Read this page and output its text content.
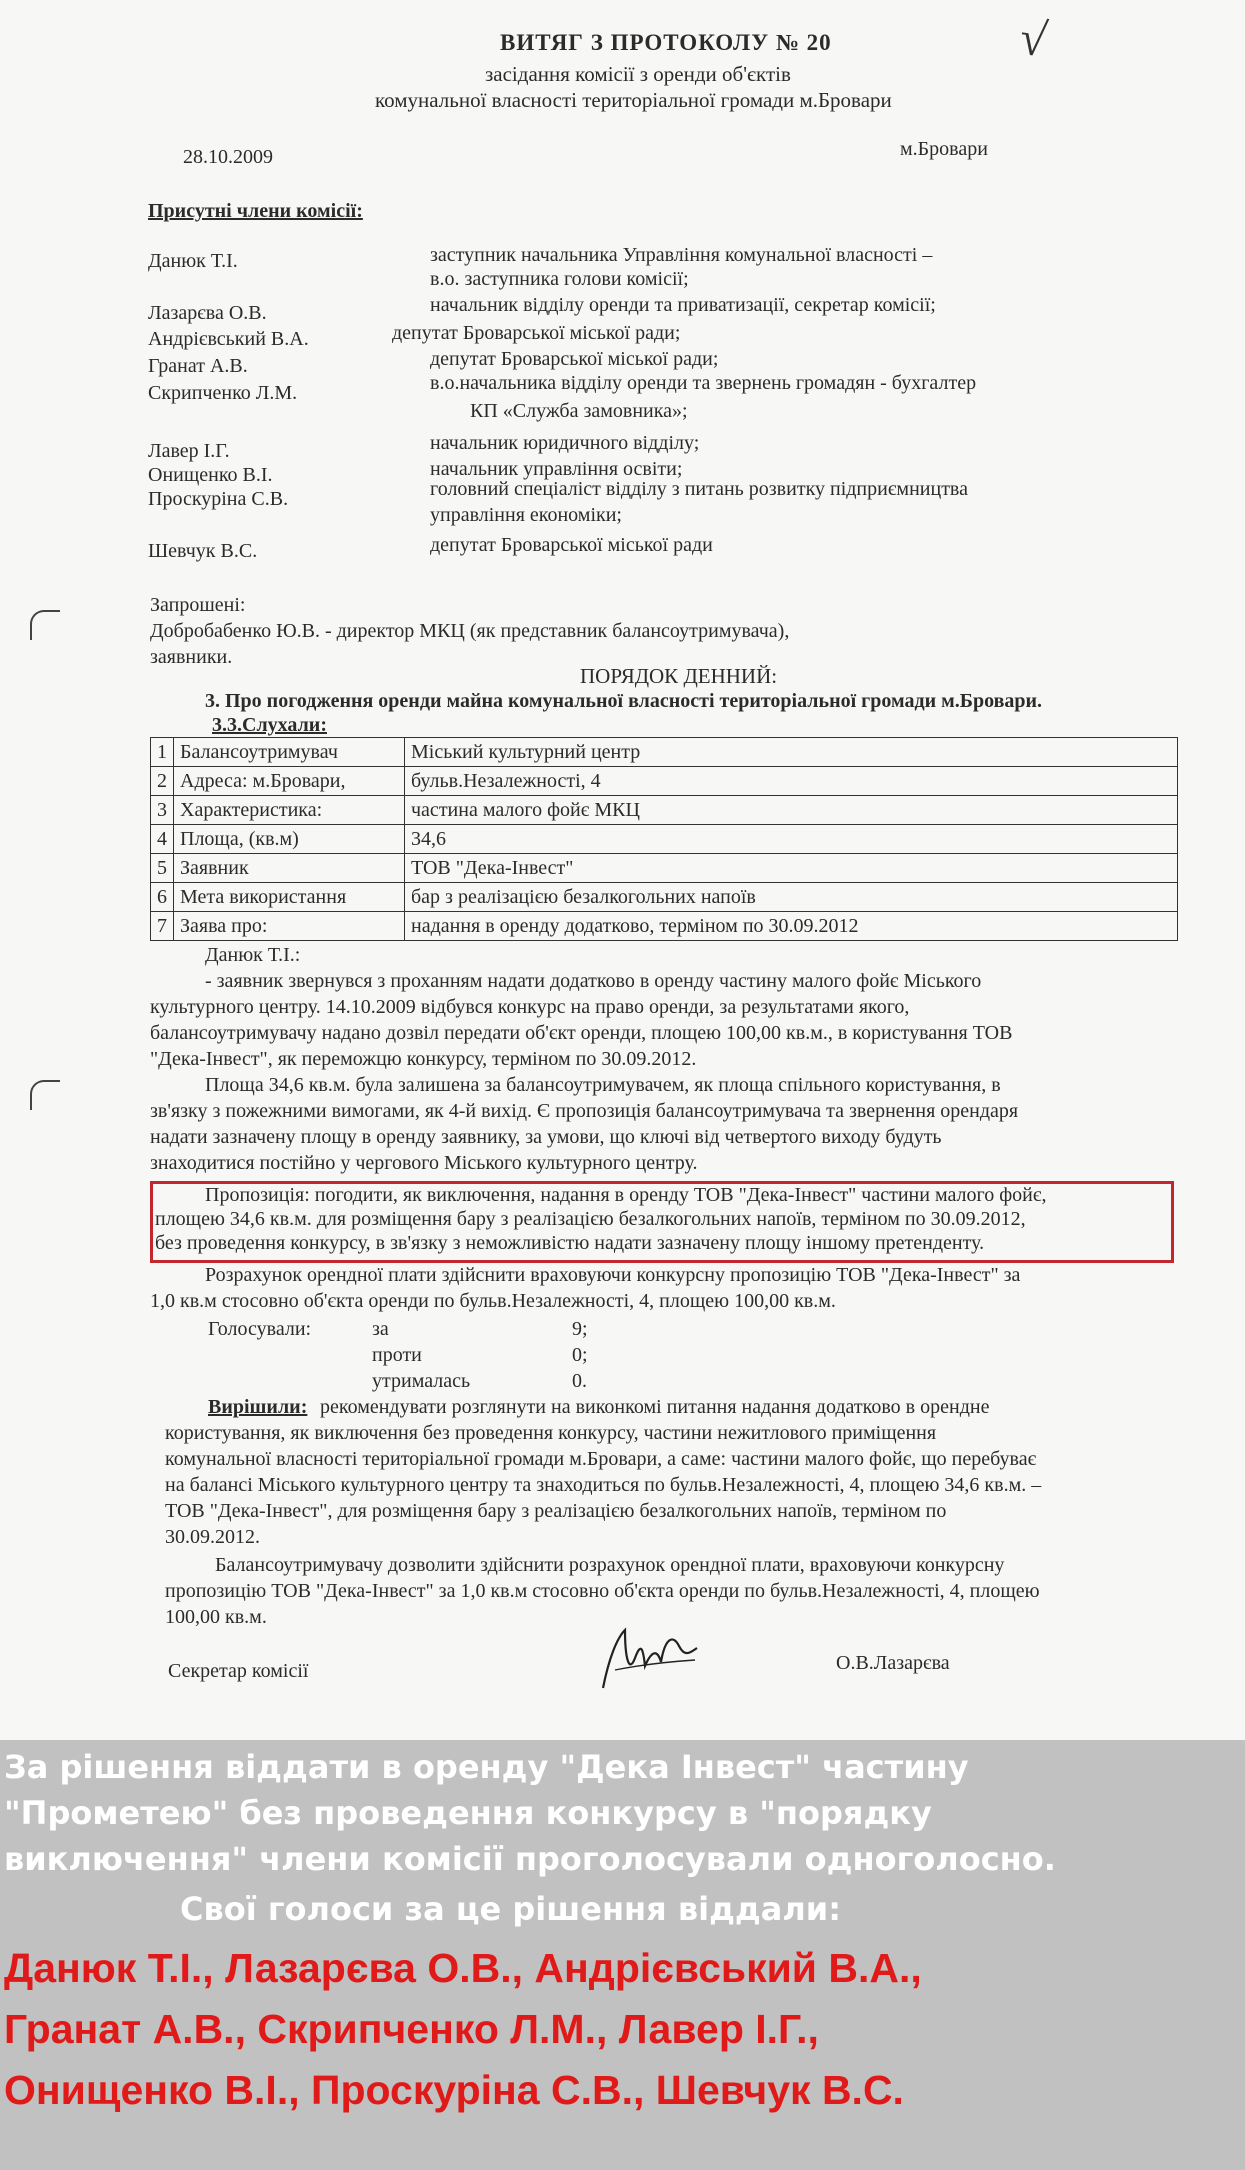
√
ВИТЯГ З ПРОТОКОЛУ № 20
засідання комісії з оренди об'єктів
комунальної власності територіальної громади м.Бровари
28.10.2009	м.Бровари
Присутні члени комісії:
Данюк Т.І.	заступник начальника Управління комунальної власності –
в.о. заступника голови комісії;
Лазарєва О.В.	начальник відділу оренди та приватизації, секретар комісії;
Андрієвський В.А.	депутат Броварської міської ради;
Гранат А.В.	депутат Броварської міської ради;
Скрипченко Л.М.	в.о.начальника відділу оренди та звернень громадян - бухгалтер
КП «Служба замовника»;
Лавер І.Г.	начальник юридичного відділу;
Онищенко В.І.	начальник управління освіти;
Проскуріна С.В.	головний спеціаліст відділу з питань розвитку підприємництва
управління економіки;
Шевчук В.С.	депутат Броварської міської ради
Запрошені:
Добробабенко Ю.В. - директор МКЦ (як представник балансоутримувача),
заявники.
ПОРЯДОК ДЕННИЙ:
3. Про погодження оренди майна комунальної власності територіальної громади м.Бровари.
3.3.Слухали:
1	Балансоутримувач	Міський культурний центр
2	Адреса: м.Бровари,	бульв.Незалежності, 4
3	Характеристика:	частина малого фойє МКЦ
4	Площа, (кв.м)	34,6
5	Заявник	ТОВ "Дека-Інвест"
6	Мета використання	бар з реалізацією безалкогольних напоїв
7	Заява про:	надання в оренду додатково, терміном по 30.09.2012
Данюк Т.І.:
- заявник звернувся з проханням надати додатково в оренду частину малого фойє Міського
культурного центру. 14.10.2009 відбувся конкурс на право оренди, за результатами якого,
балансоутримувачу надано дозвіл передати об'єкт оренди, площею 100,00 кв.м., в користування ТОВ
"Дека-Інвест", як переможцю конкурсу, терміном по 30.09.2012.
Площа 34,6 кв.м. була залишена за балансоутримувачем, як площа спільного користування, в
зв'язку з пожежними вимогами, як 4-й вихід. Є пропозиція балансоутримувача та звернення орендаря
надати зазначену площу в оренду заявнику, за умови, що ключі від четвертого виходу будуть
знаходитися постійно у чергового Міського культурного центру.
Пропозиція: погодити, як виключення, надання в оренду ТОВ "Дека-Інвест" частини малого фойє,
площею 34,6 кв.м. для розміщення бару з реалізацією безалкогольних напоїв, терміном по 30.09.2012,
без проведення конкурсу, в зв'язку з неможливістю надати зазначену площу іншому претенденту.
Розрахунок орендної плати здійснити враховуючи конкурсну пропозицію ТОВ "Дека-Інвест" за
1,0 кв.м стосовно об'єкта оренди по бульв.Незалежності, 4, площею 100,00 кв.м.
Голосували:	за	9;
проти	0;
утрималась	0.
Вирішили: рекомендувати розглянути на виконкомі питання надання додатково в орендне
користування, як виключення без проведення конкурсу, частини нежитлового приміщення
комунальної власності територіальної громади м.Бровари, а саме: частини малого фойє, що перебуває
на балансі Міського культурного центру та знаходиться по бульв.Незалежності, 4, площею 34,6 кв.м. –
ТОВ "Дека-Інвест", для розміщення бару з реалізацією безалкогольних напоїв, терміном по
30.09.2012.
Балансоутримувачу дозволити здійснити розрахунок орендної плати, враховуючи конкурсну
пропозицію ТОВ "Дека-Інвест" за 1,0 кв.м стосовно об'єкта оренди по бульв.Незалежності, 4, площею
100,00 кв.м.
Секретар комісії	О.В.Лазарєва
За рішення віддати в оренду "Дека Інвест" частину
"Прометею" без проведення конкурсу в "порядку
виключення" члени комісії проголосували одноголосно.
Свої голоси за це рішення віддали:
Данюк Т.І., Лазарєва О.В., Андрієвський В.А.,
Гранат А.В., Скрипченко Л.М., Лавер І.Г.,
Онищенко В.І., Проскуріна С.В., Шевчук В.С.
